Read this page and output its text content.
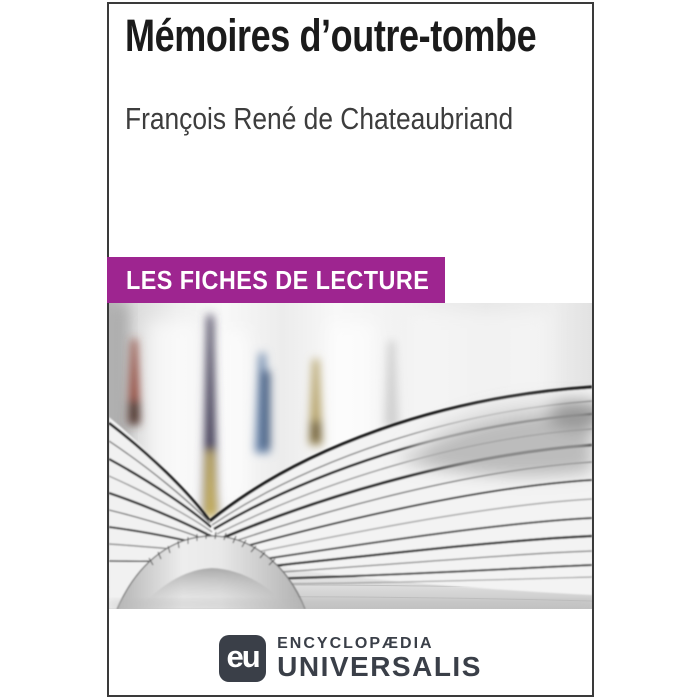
Mémoires d’outre-tombe
François René de Chateaubriand
LES FICHES DE LECTURE
eu ENCYCLOPÆDIA
UNIVERSALIS
